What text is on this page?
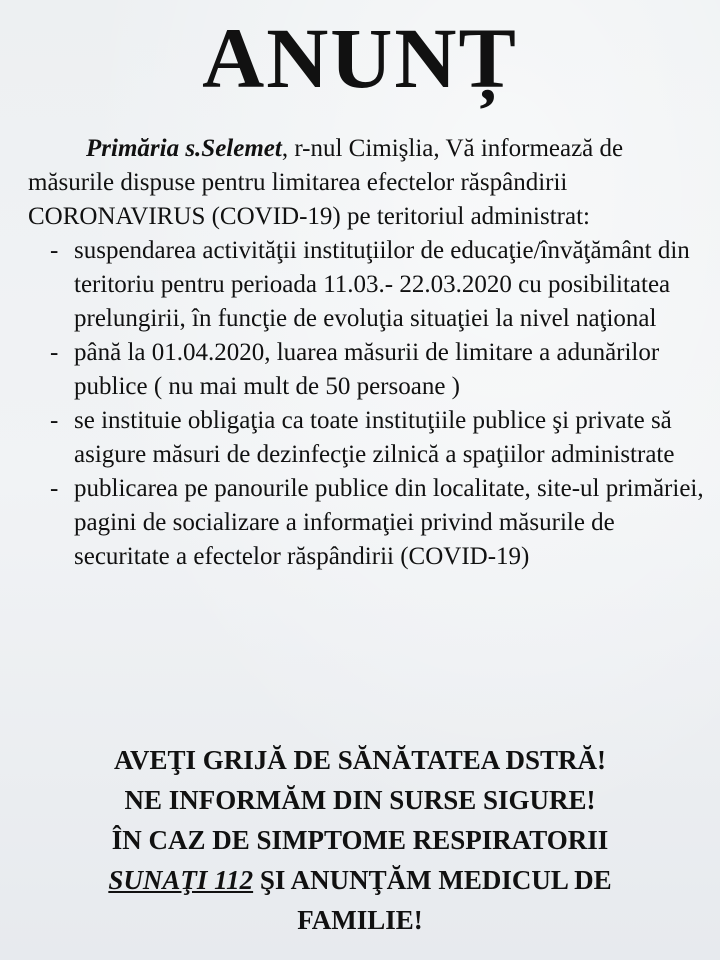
ANUNȚ

Primăria s.Selemet, r-nul Cimişlia, Vă informează de măsurile dispuse pentru limitarea efectelor răspândirii CORONAVIRUS (COVID-19) pe teritoriul administrat:

- suspendarea activităţii instituţiilor de educaţie/învăţământ din teritoriu pentru perioada 11.03.- 22.03.2020 cu posibilitatea prelungirii, în funcţie de evoluţia situaţiei la nivel naţional
- până la 01.04.2020, luarea măsurii de limitare a adunărilor publice ( nu mai mult de 50 persoane )
- se instituie obligaţia ca toate instituţiile publice şi private să asigure măsuri de dezinfecţie zilnică a spaţiilor administrate
- publicarea pe panourile publice din localitate, site-ul primăriei, pagini de socializare a informaţiei privind măsurile de securitate a efectelor răspândirii (COVID-19)
AVEŢI GRIJĂ DE SĂNĂTATEA DSTRĂ!
NE INFORMĂM DIN SURSE SIGURE!
ÎN CAZ DE SIMPTOME RESPIRATORII
SUNAŢI 112 ŞI ANUNŢĂM MEDICUL DE
FAMILIE!
